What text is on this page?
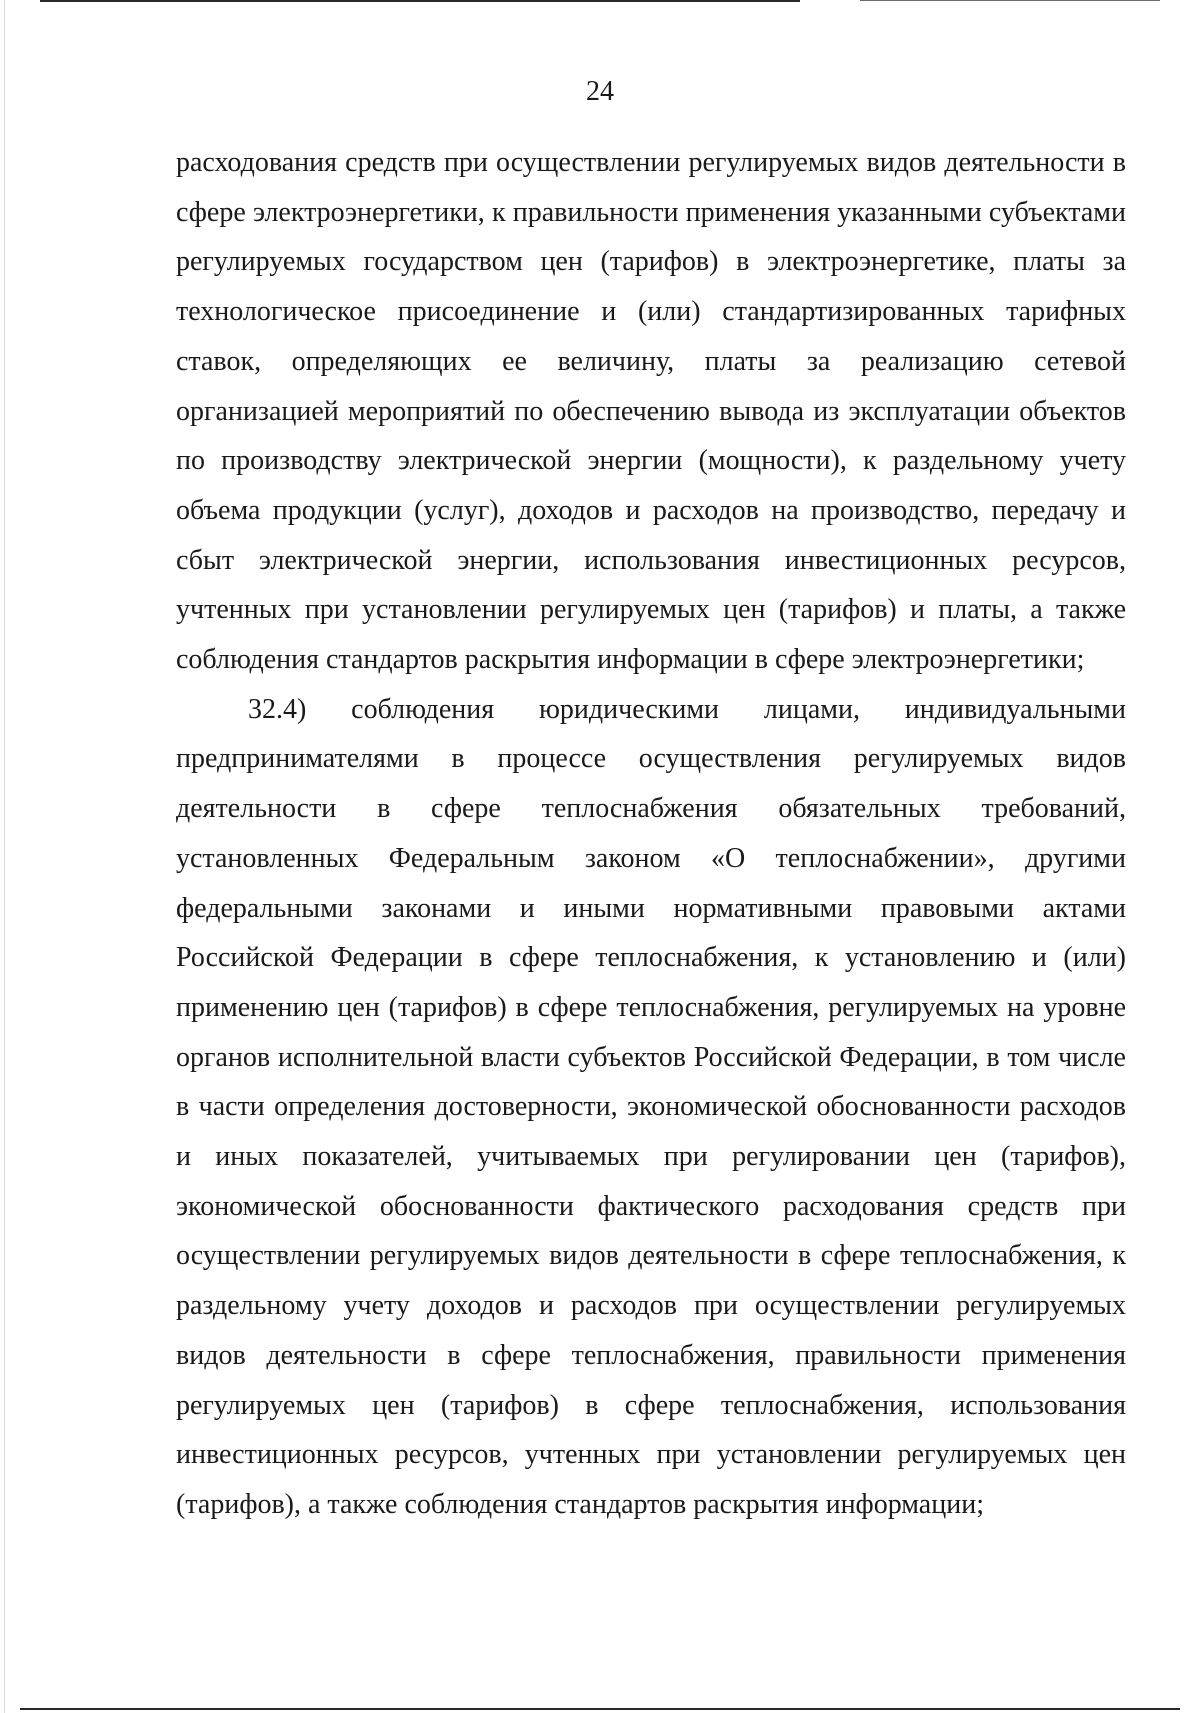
24

расходования средств при осуществлении регулируемых видов деятельности в сфере электроэнергетики, к правильности применения указанными субъектами регулируемых государством цен (тарифов) в электроэнергетике, платы за технологическое присоединение и (или) стандартизированных тарифных ставок, определяющих ее величину, платы за реализацию сетевой организацией мероприятий по обеспечению вывода из эксплуатации объектов по производству электрической энергии (мощности), к раздельному учету объема продукции (услуг), доходов и расходов на производство, передачу и сбыт электрической энергии, использования инвестиционных ресурсов, учтенных при установлении регулируемых цен (тарифов) и платы, а также соблюдения стандартов раскрытия информации в сфере электроэнергетики;

32.4) соблюдения юридическими лицами, индивидуальными предпринимателями в процессе осуществления регулируемых видов деятельности в сфере теплоснабжения обязательных требований, установленных Федеральным законом «О теплоснабжении», другими федеральными законами и иными нормативными правовыми актами Российской Федерации в сфере теплоснабжения, к установлению и (или) применению цен (тарифов) в сфере теплоснабжения, регулируемых на уровне органов исполнительной власти субъектов Российской Федерации, в том числе в части определения достоверности, экономической обоснованности расходов и иных показателей, учитываемых при регулировании цен (тарифов), экономической обоснованности фактического расходования средств при осуществлении регулируемых видов деятельности в сфере теплоснабжения, к раздельному учету доходов и расходов при осуществлении регулируемых видов деятельности в сфере теплоснабжения, правильности применения регулируемых цен (тарифов) в сфере теплоснабжения, использования инвестиционных ресурсов, учтенных при установлении регулируемых цен (тарифов), а также соблюдения стандартов раскрытия информации;
